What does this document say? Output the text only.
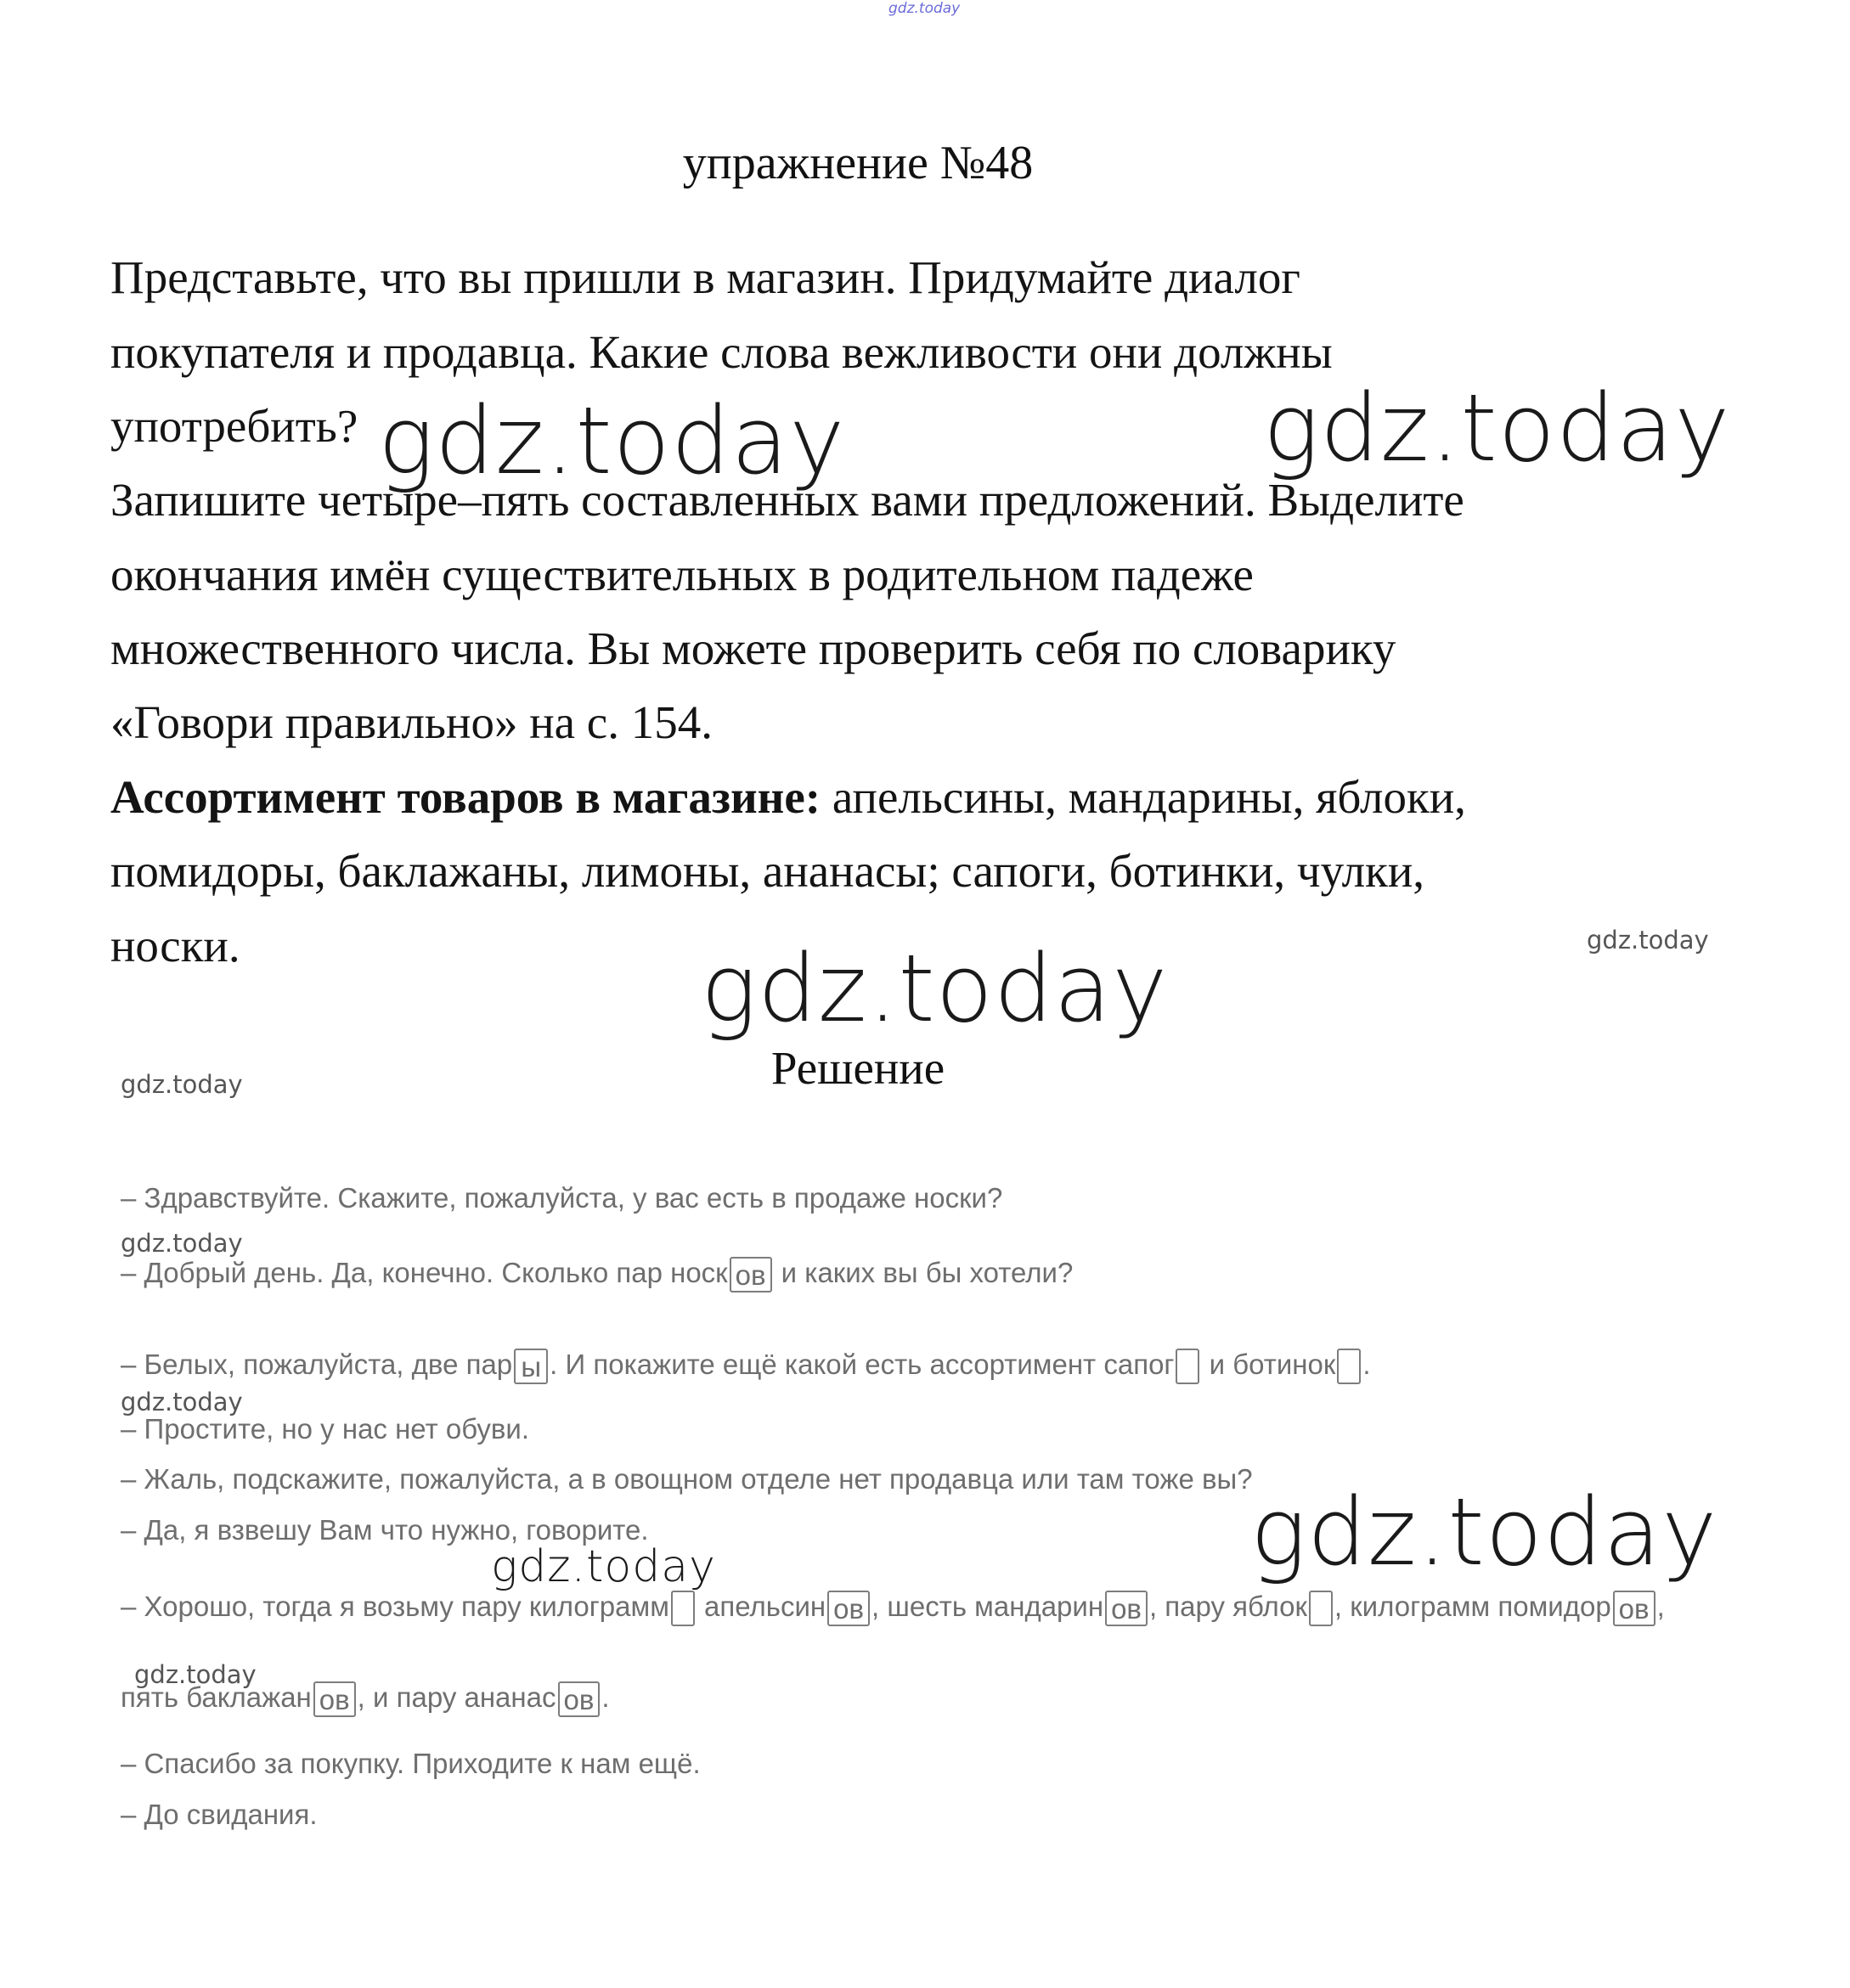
gdz.today
упражнение №48
Представьте, что вы пришли в магазин. Придумайте диалог
покупателя и продавца. Какие слова вежливости они должны
употребить?
Запишите четыре–пять составленных вами предложений. Выделите
окончания имён существительных в родительном падеже
множественного числа. Вы можете проверить себя по словарику
«Говори правильно» на с. 154.
Ассортимент товаров в магазине: апельсины, мандарины, яблоки,
помидоры, баклажаны, лимоны, ананасы; сапоги, ботинки, чулки,
носки.
Решение
– Здравствуйте. Скажите, пожалуйста, у вас есть в продаже носки?
– Добрый день. Да, конечно. Сколько пар носк ов и каких вы бы хотели?
– Белых, пожалуйста, две пар ы . И покажите ещё какой есть ассортимент сапог и ботинок .
– Простите, но у нас нет обуви.
– Жаль, подскажите, пожалуйста, а в овощном отделе нет продавца или там тоже вы?
– Да, я взвешу Вам что нужно, говорите.
– Хорошо, тогда я возьму пару килограмм апельсин ов , шесть мандарин ов , пару яблок , килограмм помидор ов ,
пять баклажан ов , и пару ананас ов .
– Спасибо за покупку. Приходите к нам ещё.
– До свидания.
gdz.today	gdz.today
gdz.today
gdz.today
gdz.today
gdz.today
gdz.today
gdz.today
gdz.today
gdz.today
